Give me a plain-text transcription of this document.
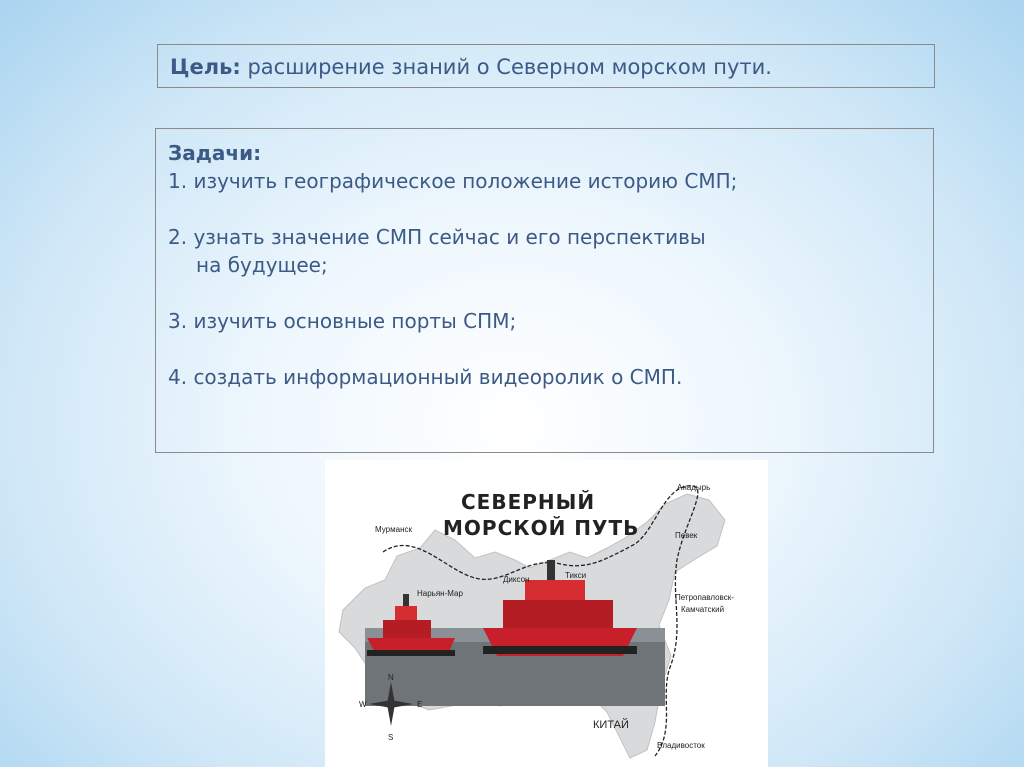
Цель: расширение знаний о Северном морском пути.
Задачи:
1. изучить географическое положение историю СМП;
2. узнать значение СМП сейчас и его перспективы
на будущее;
3. изучить основные порты СПМ;
4. создать информационный видеоролик о СМП.
N
S
W	E
Мурманск
Нарьян-Мар
Диксон	Тикси
Певек
Анадырь
Петропавловск-
Камчатский
КИТАЙ
Владивосток
СЕВЕРНЫЙ
МОРСКОЙ ПУТЬ
